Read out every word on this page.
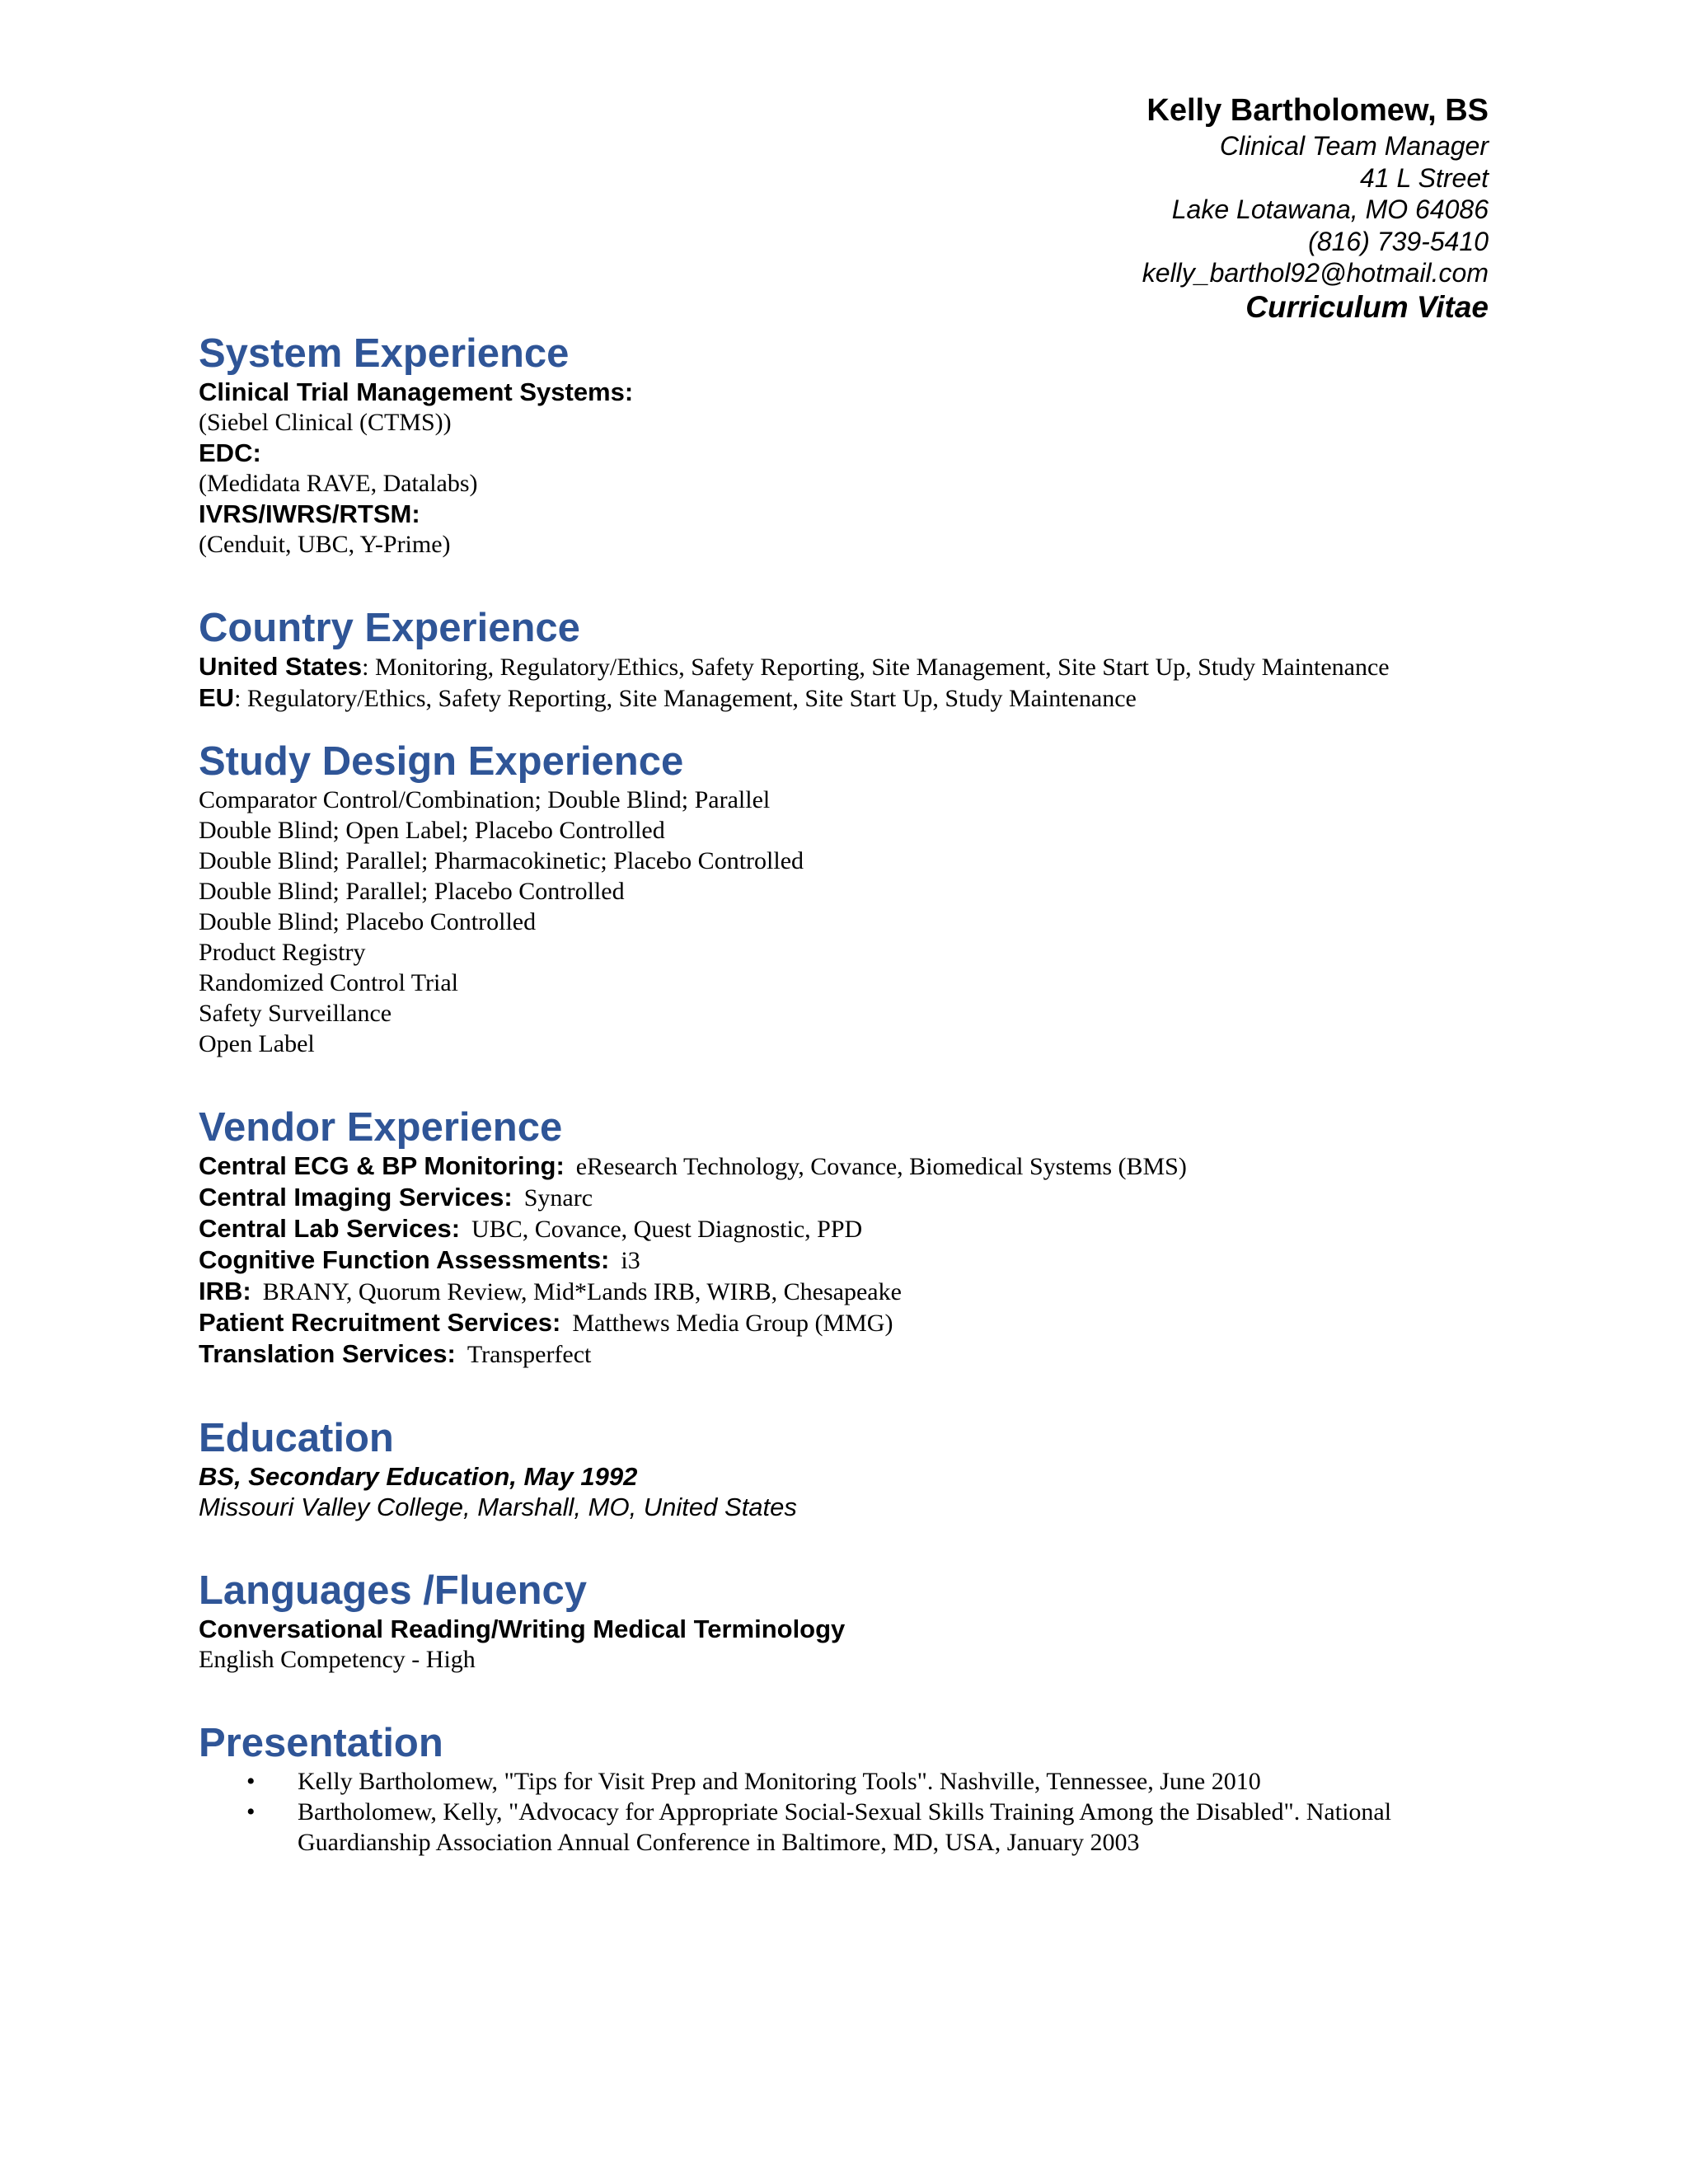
Kelly Bartholomew, BS
Clinical Team Manager
41 L Street
Lake Lotawana, MO 64086
(816) 739-5410
kelly_barthol92@hotmail.com
Curriculum Vitae
System Experience
Clinical Trial Management Systems:
(Siebel Clinical (CTMS))
EDC:
(Medidata RAVE, Datalabs)
IVRS/IWRS/RTSM:
(Cenduit, UBC, Y-Prime)
Country Experience
United States: Monitoring, Regulatory/Ethics, Safety Reporting, Site Management, Site Start Up, Study Maintenance
EU: Regulatory/Ethics, Safety Reporting, Site Management, Site Start Up, Study Maintenance
Study Design Experience
Comparator Control/Combination; Double Blind; Parallel
Double Blind; Open Label; Placebo Controlled
Double Blind; Parallel; Pharmacokinetic; Placebo Controlled
Double Blind; Parallel; Placebo Controlled
Double Blind; Placebo Controlled
Product Registry
Randomized Control Trial
Safety Surveillance
Open Label
Vendor Experience
Central ECG & BP Monitoring: eResearch Technology, Covance, Biomedical Systems (BMS)
Central Imaging Services: Synarc
Central Lab Services: UBC, Covance, Quest Diagnostic, PPD
Cognitive Function Assessments: i3
IRB: BRANY, Quorum Review, Mid*Lands IRB, WIRB, Chesapeake
Patient Recruitment Services: Matthews Media Group (MMG)
Translation Services: Transperfect
Education
BS, Secondary Education, May 1992
Missouri Valley College, Marshall, MO, United States
Languages /Fluency
Conversational Reading/Writing Medical Terminology
English Competency - High
Presentation
• Kelly Bartholomew, "Tips for Visit Prep and Monitoring Tools". Nashville, Tennessee, June 2010
• Bartholomew, Kelly, "Advocacy for Appropriate Social-Sexual Skills Training Among the Disabled". National Guardianship Association Annual Conference in Baltimore, MD, USA, January 2003
